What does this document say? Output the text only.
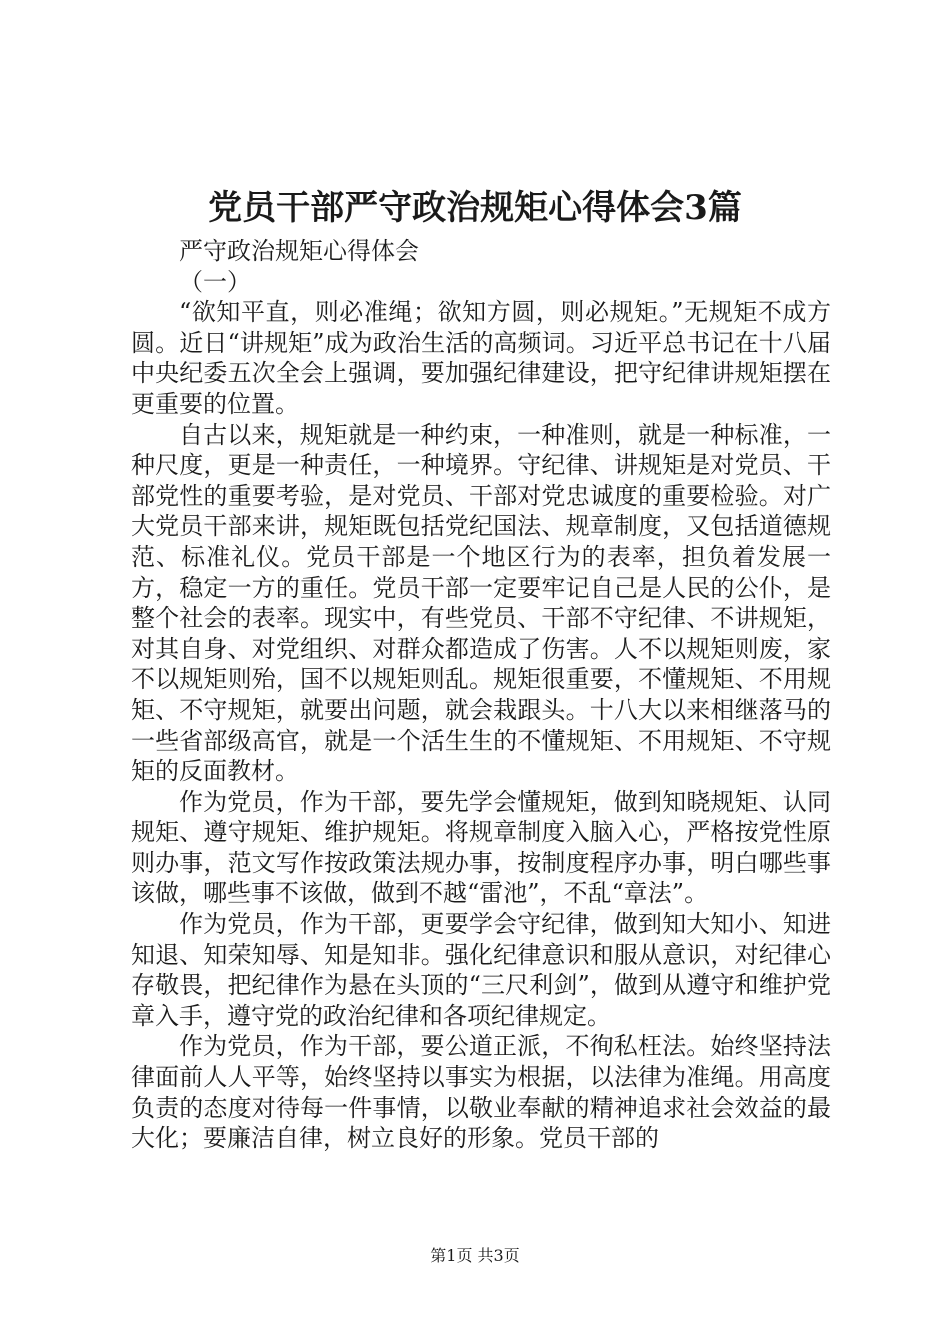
党员干部严守政治规矩心得体会3篇

严守政治规矩心得体会

（一）

“欲知平直，则必准绳；欲知方圆，则必规矩。”无规矩不成方圆。近日“讲规矩”成为政治生活的高频词。习近平总书记在十八届中央纪委五次全会上强调，要加强纪律建设，把守纪律讲规矩摆在更重要的位置。

自古以来，规矩就是一种约束，一种准则，就是一种标准，一种尺度，更是一种责任，一种境界。守纪律、讲规矩是对党员、干部党性的重要考验，是对党员、干部对党忠诚度的重要检验。对广大党员干部来讲，规矩既包括党纪国法、规章制度，又包括道德规范、标准礼仪。党员干部是一个地区行为的表率，担负着发展一方，稳定一方的重任。党员干部一定要牢记自己是人民的公仆，是整个社会的表率。现实中，有些党员、干部不守纪律、不讲规矩，对其自身、对党组织、对群众都造成了伤害。人不以规矩则废，家不以规矩则殆，国不以规矩则乱。规矩很重要，不懂规矩、不用规矩、不守规矩，就要出问题，就会栽跟头。十八大以来相继落马的一些省部级高官，就是一个活生生的不懂规矩、不用规矩、不守规矩的反面教材。

作为党员，作为干部，要先学会懂规矩，做到知晓规矩、认同规矩、遵守规矩、维护规矩。将规章制度入脑入心，严格按党性原则办事，范文写作按政策法规办事，按制度程序办事，明白哪些事该做，哪些事不该做，做到不越“雷池”，不乱“章法”。

作为党员，作为干部，更要学会守纪律，做到知大知小、知进知退、知荣知辱、知是知非。强化纪律意识和服从意识，对纪律心存敬畏，把纪律作为悬在头顶的“三尺利剑”，做到从遵守和维护党章入手，遵守党的政治纪律和各项纪律规定。

作为党员，作为干部，要公道正派，不徇私枉法。始终坚持法律面前人人平等，始终坚持以事实为根据，以法律为准绳。用高度负责的态度对待每一件事情，以敬业奉献的精神追求社会效益的最大化；要廉洁自律，树立良好的形象。党员干部的

第1页 共3页
